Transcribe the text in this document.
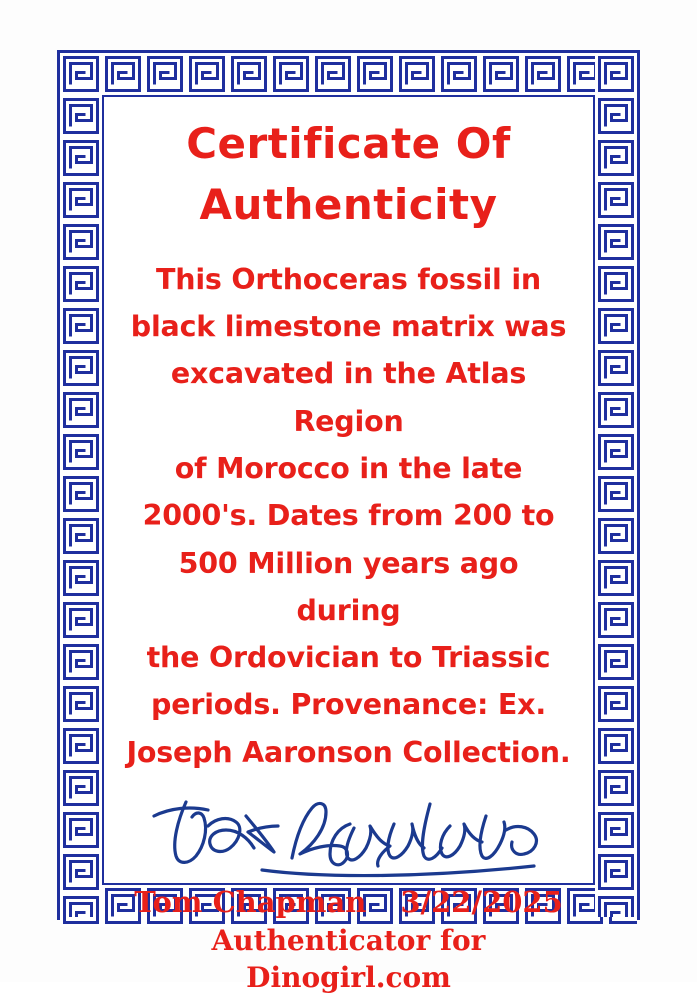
Certificate Of
Authenticity
This Orthoceras fossil in
black limestone matrix was
excavated in the Atlas Region
of Morocco in the late
2000's. Dates from 200 to
500 Million years ago during
the Ordovician to Triassic
periods. Provenance: Ex.
Joseph Aaronson Collection.
Tom Chapman 3/22/2025
Authenticator for Dinogirl.com
